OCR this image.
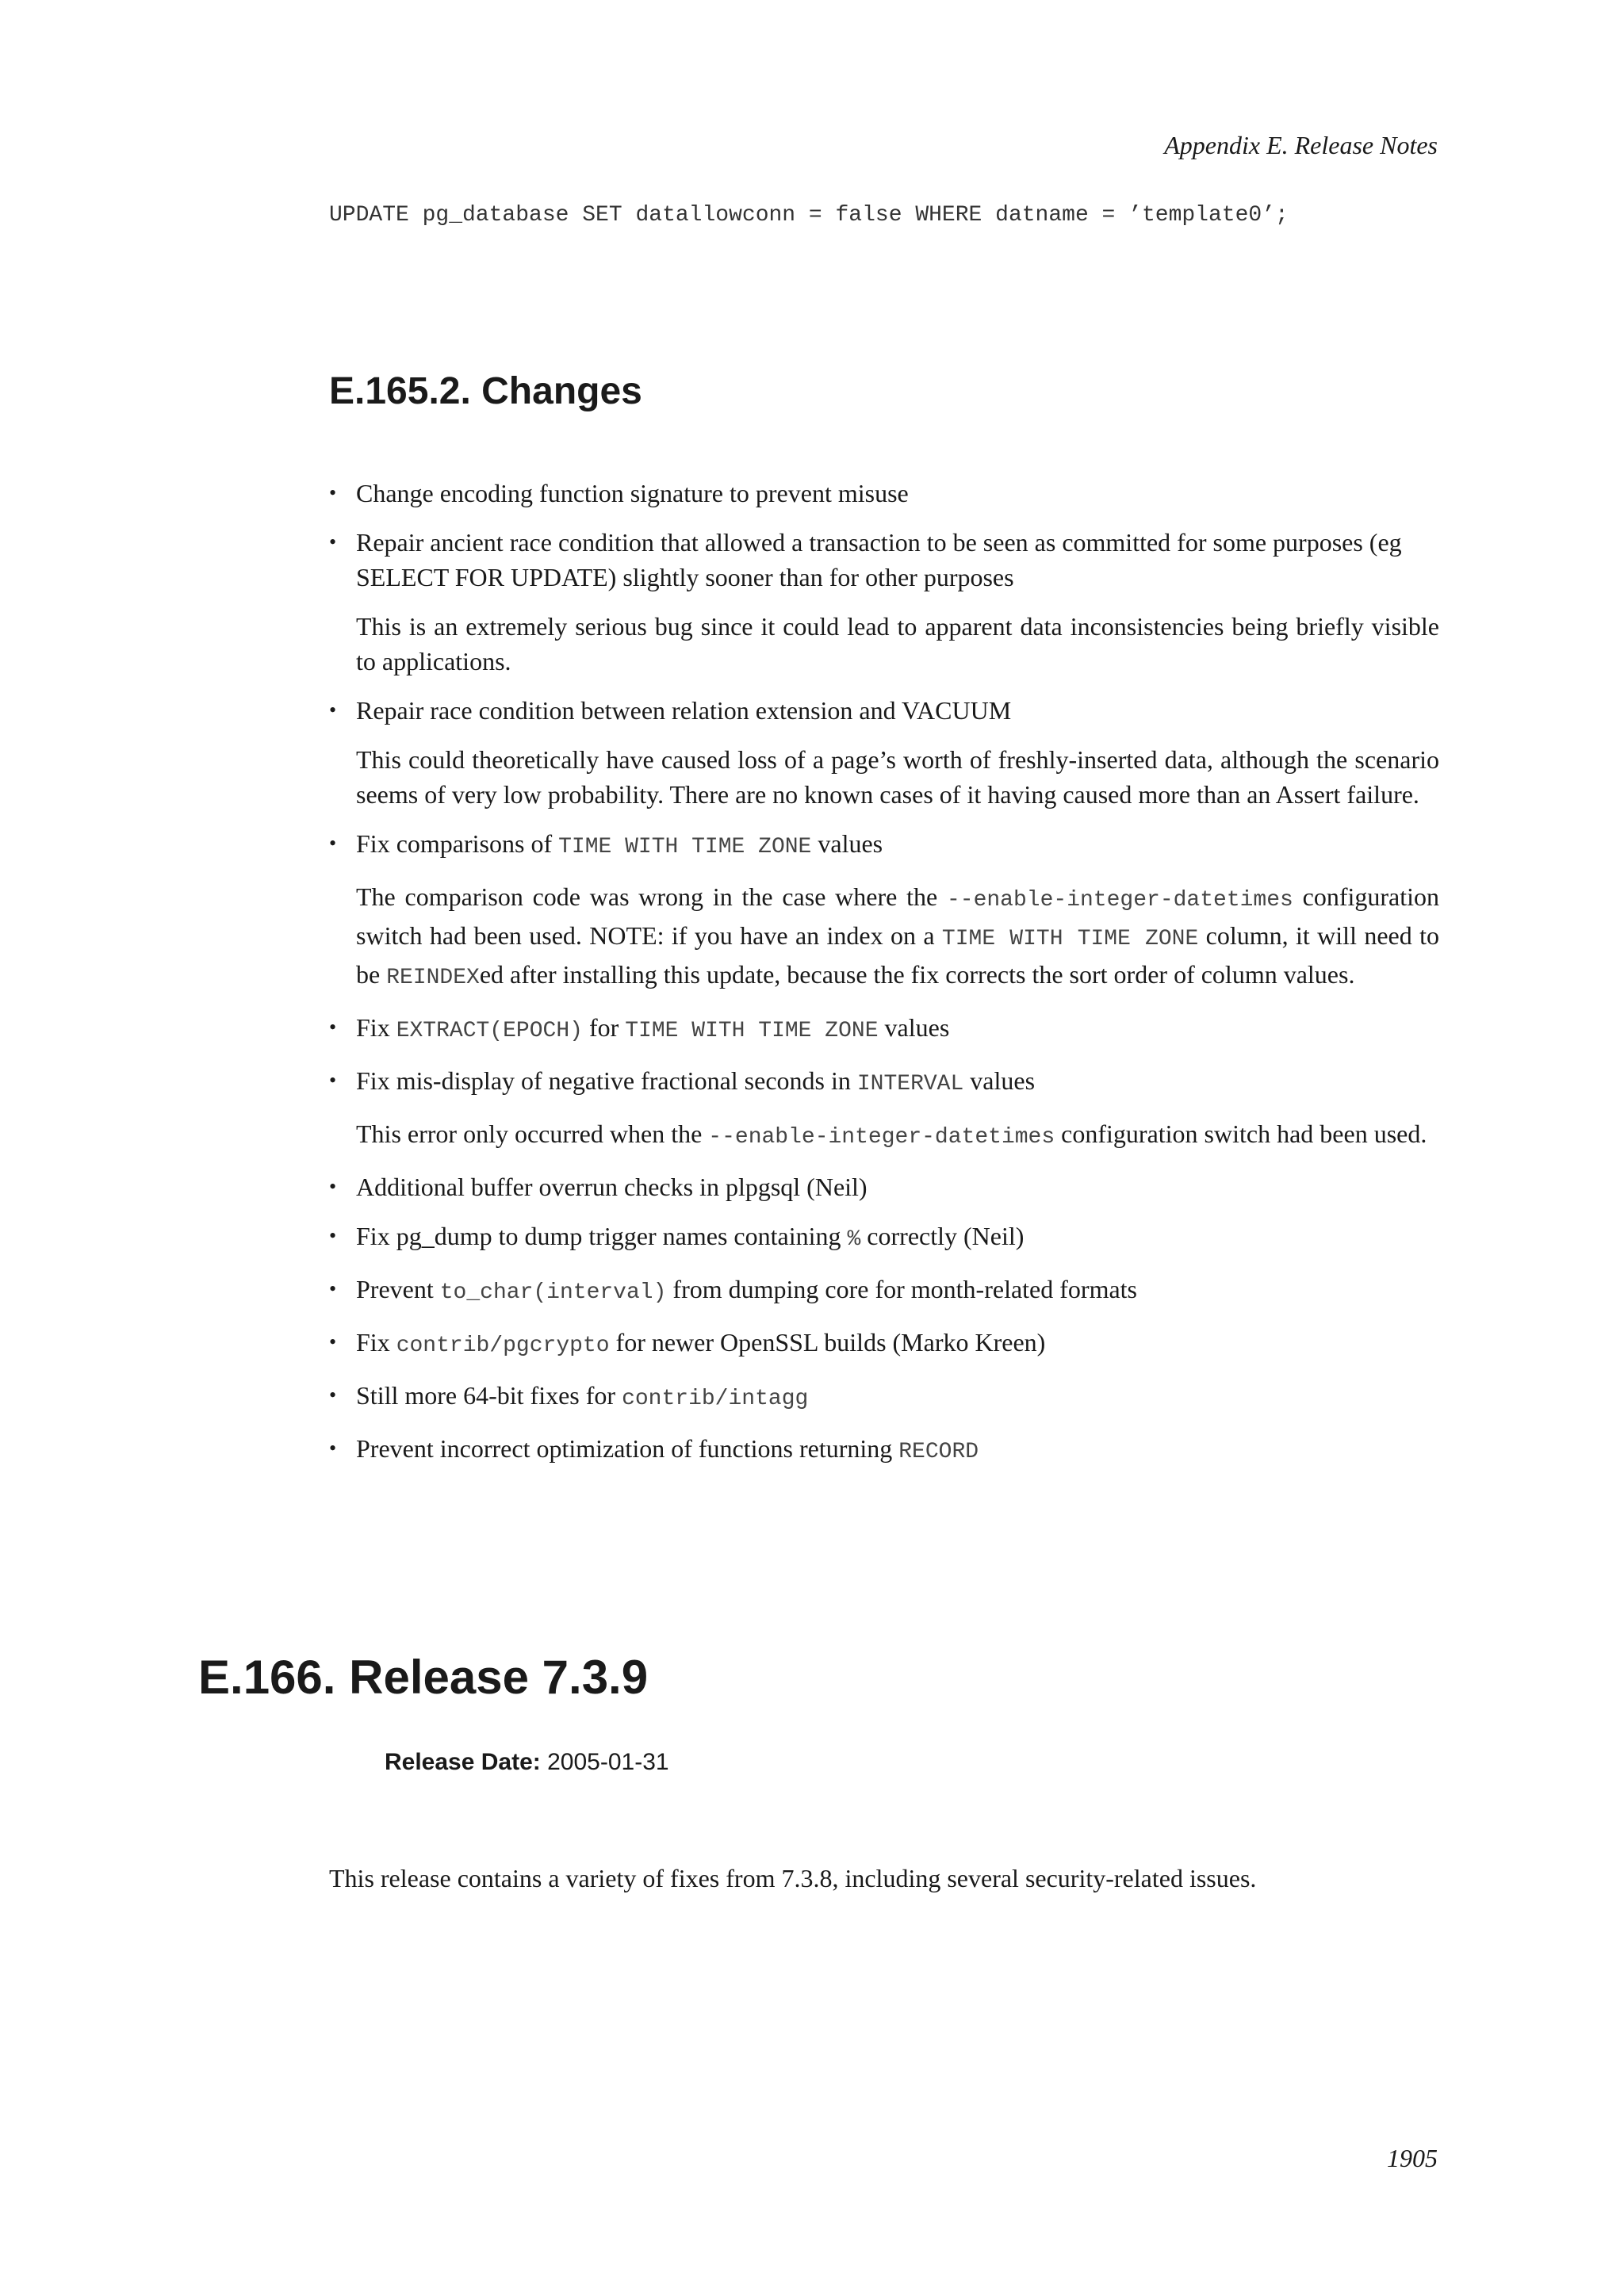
Appendix E. Release Notes
UPDATE pg_database SET datallowconn = false WHERE datname = ’template0’;
E.165.2. Changes

• Change encoding function signature to prevent misuse

• Repair ancient race condition that allowed a transaction to be seen as committed for some purposes (eg SELECT FOR UPDATE) slightly sooner than for other purposes

This is an extremely serious bug since it could lead to apparent data inconsistencies being briefly visible to applications.

• Repair race condition between relation extension and VACUUM

This could theoretically have caused loss of a page’s worth of freshly-inserted data, although the scenario seems of very low probability. There are no known cases of it having caused more than an Assert failure.

• Fix comparisons of TIME WITH TIME ZONE values

The comparison code was wrong in the case where the --enable-integer-datetimes configuration switch had been used. NOTE: if you have an index on a TIME WITH TIME ZONE column, it will need to be REINDEXed after installing this update, because the fix corrects the sort order of column values.

• Fix EXTRACT(EPOCH) for TIME WITH TIME ZONE values

• Fix mis-display of negative fractional seconds in INTERVAL values

This error only occurred when the --enable-integer-datetimes configuration switch had been used.

• Additional buffer overrun checks in plpgsql (Neil)

• Fix pg_dump to dump trigger names containing % correctly (Neil)

• Prevent to_char(interval) from dumping core for month-related formats

• Fix contrib/pgcrypto for newer OpenSSL builds (Marko Kreen)

• Still more 64-bit fixes for contrib/intagg

• Prevent incorrect optimization of functions returning RECORD

E.166. Release 7.3.9
Release Date: 2005-01-31

This release contains a variety of fixes from 7.3.8, including several security-related issues.

1905
